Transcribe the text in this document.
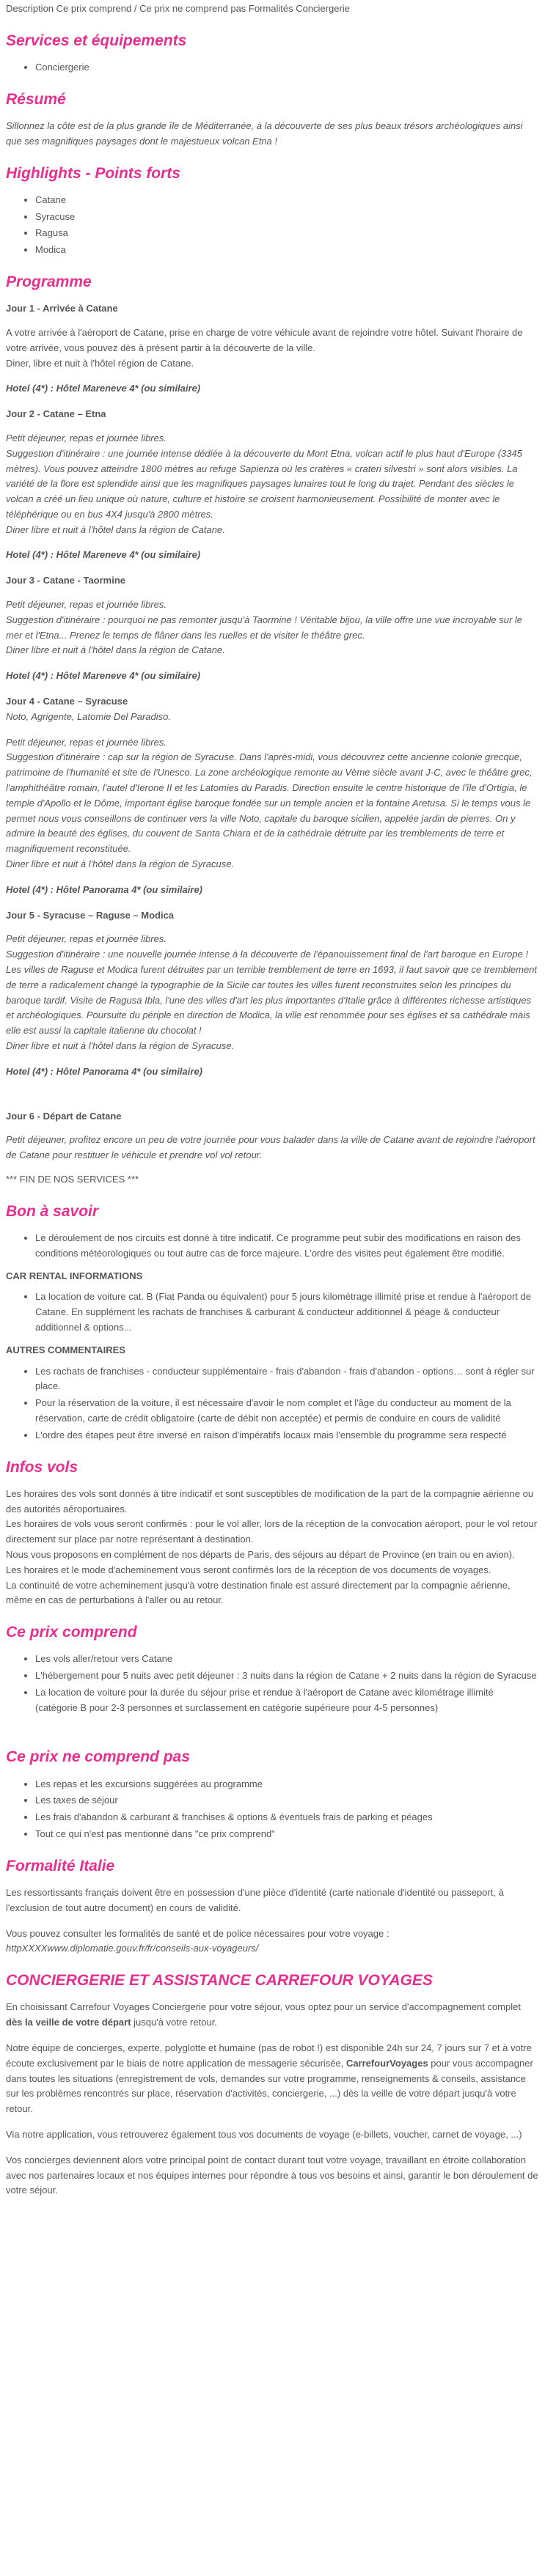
Description Ce prix comprend / Ce prix ne comprend pas Formalités Conciergerie
Services et équipements
• Conciergerie
Résumé

Sillonnez la côte est de la plus grande île de Méditerranée, à la découverte de ses plus beaux trésors archéologiques ainsi que ses magnifiques paysages dont le majestueux volcan Etna !

Highlights - Points forts
• Catane
• Syracuse
• Ragusa
• Modica
Programme
Jour 1 - Arrivée à Catane

A votre arrivée à l'aéroport de Catane, prise en charge de votre véhicule avant de rejoindre votre hôtel. Suivant l'horaire de votre arrivée, vous pouvez dès à présent partir à la découverte de la ville.

Diner, libre et nuit à l'hôtel région de Catane.

Hotel (4*) : Hôtel Mareneve 4* (ou similaire)
Jour 2 - Catane – Etna

Petit déjeuner, repas et journée libres.

Suggestion d'itinéraire : une journée intense dédiée à la découverte du Mont Etna, volcan actif le plus haut d'Europe (3345 mètres). Vous pouvez atteindre 1800 mètres au refuge Sapienza où les cratères « crateri silvestri » sont alors visibles. La variété de la flore est splendide ainsi que les magnifiques paysages lunaires tout le long du trajet. Pendant des siècles le volcan a créé un lieu unique où nature, culture et histoire se croisent harmonieusement. Possibilité de monter avec le téléphérique ou en bus 4X4 jusqu'à 2800 mètres.

Diner libre et nuit à l'hôtel dans la région de Catane.

Hotel (4*) : Hôtel Mareneve 4* (ou similaire)
Jour 3 - Catane - Taormine

Petit déjeuner, repas et journée libres.

Suggestion d'itinéraire : pourquoi ne pas remonter jusqu'à Taormine ! Véritable bijou, la ville offre une vue incroyable sur le mer et l'Etna... Prenez le temps de flâner dans les ruelles et de visiter le théâtre grec.

Diner libre et nuit à l'hôtel dans la région de Catane.

Hotel (4*) : Hôtel Mareneve 4* (ou similaire)
Jour 4 - Catane – Syracuse

Noto, Agrigente, Latomie Del Paradiso.

Petit déjeuner, repas et journée libres.

Suggestion d'itinéraire : cap sur la région de Syracuse. Dans l'après-midi, vous découvrez cette ancienne colonie grecque, patrimoine de l'humanité et site de l'Unesco. La zone archéologique remonte au Vème siècle avant J-C, avec le théâtre grec, l'amphithéâtre romain, l'autel d'Ierone II et les Latomies du Paradis. Direction ensuite le centre historique de l'île d'Ortigia, le temple d'Apollo et le Dôme, important église baroque fondée sur un temple ancien et la fontaine Aretusa. Si le temps vous le permet nous vous conseillons de continuer vers la ville Noto, capitale du baroque sicilien, appelée jardin de pierres. On y admire la beauté des églises, du couvent de Santa Chiara et de la cathédrale détruite par les tremblements de terre et magnifiquement reconstituée.

Diner libre et nuit à l'hôtel dans la région de Syracuse.

Hotel (4*) : Hôtel Panorama 4* (ou similaire)
Jour 5 - Syracuse – Raguse – Modica

Petit déjeuner, repas et journée libres.

Suggestion d'itinéraire : une nouvelle journée intense à la découverte de l'épanouissement final de l'art baroque en Europe ! Les villes de Raguse et Modica furent détruites par un terrible tremblement de terre en 1693, il faut savoir que ce tremblement de terre a radicalement changé la typographie de la Sicile car toutes les villes furent reconstruites selon les principes du baroque tardif. Visite de Ragusa Ibla, l'une des villes d'art les plus importantes d'Italie grâce à différentes richesse artistiques et archéologiques. Poursuite du périple en direction de Modica, la ville est renommée pour ses églises et sa cathédrale mais elle est aussi la capitale italienne du chocolat !

Diner libre et nuit à l'hôtel dans la région de Syracuse.

Hotel (4*) : Hôtel Panorama 4* (ou similaire)
Jour 6 - Départ de Catane

Petit déjeuner, profitez encore un peu de votre journée pour vous balader dans la ville de Catane avant de rejoindre l'aéroport de Catane pour restituer le véhicule et prendre vol vol retour.

*** FIN DE NOS SERVICES ***

Bon à savoir
• Le déroulement de nos circuits est donné à titre indicatif. Ce programme peut subir des modifications en raison des conditions météorologiques ou tout autre cas de force majeure. L'ordre des visites peut également être modifié.
CAR RENTAL INFORMATIONS
• La location de voiture cat. B (Fiat Panda ou équivalent) pour 5 jours kilométrage illimité prise et rendue à l'aéroport de Catane. En supplément les rachats de franchises & carburant & conducteur additionnel & péage & conducteur additionnel & options...
AUTRES COMMENTAIRES
• Les rachats de franchises - conducteur supplémentaire - frais d'abandon - frais d'abandon - options… sont à régler sur place.
• Pour la réservation de la voiture, il est nécessaire d'avoir le nom complet et l'âge du conducteur au moment de la réservation, carte de crédit obligatoire (carte de débit non acceptée) et permis de conduire en cours de validité
• L'ordre des étapes peut être inversé en raison d'impératifs locaux mais l'ensemble du programme sera respecté
Infos vols

Les horaires des vols sont donnés à titre indicatif et sont susceptibles de modification de la part de la compagnie aérienne ou des autorités aéroportuaires.

Les horaires de vols vous seront confirmés : pour le vol aller, lors de la réception de la convocation aéroport, pour le vol retour directement sur place par notre représentant à destination.

Nous vous proposons en complément de nos départs de Paris, des séjours au départ de Province (en train ou en avion).

Les horaires et le mode d'acheminement vous seront confirmés lors de la réception de vos documents de voyages.

La continuité de votre acheminement jusqu'à votre destination finale est assuré directement par la compagnie aérienne, même en cas de perturbations à l'aller ou au retour.

Ce prix comprend
• Les vols aller/retour vers Catane
• L'hébergement pour 5 nuits avec petit déjeuner : 3 nuits dans la région de Catane + 2 nuits dans la région de Syracuse
• La location de voiture pour la durée du séjour prise et rendue à l'aéroport de Catane avec kilométrage illimité (catégorie B pour 2-3 personnes et surclassement en catégorie supérieure pour 4-5 personnes)
Ce prix ne comprend pas
• Les repas et les excursions suggérées au programme
• Les taxes de séjour
• Les frais d'abandon & carburant & franchises & options & éventuels frais de parking et péages
• Tout ce qui n'est pas mentionné dans "ce prix comprend"
Formalité Italie

Les ressortissants français doivent être en possession d'une pièce d'identité (carte nationale d'identité ou passeport, à l'exclusion de tout autre document) en cours de validité.

Vous pouvez consulter les formalités de santé et de police nécessaires pour votre voyage :

httpXXXXwww.diplomatie.gouv.fr/fr/conseils-aux-voyageurs/

CONCIERGERIE ET ASSISTANCE CARREFOUR VOYAGES

En choisissant Carrefour Voyages Conciergerie pour votre séjour, vous optez pour un service d'accompagnement complet dès la veille de votre départ jusqu'à votre retour.

Notre équipe de concierges, experte, polyglotte et humaine (pas de robot !) est disponible 24h sur 24, 7 jours sur 7 et à votre écoute exclusivement par le biais de notre application de messagerie sécurisée, CarrefourVoyages pour vous accompagner dans toutes les situations (enregistrement de vols, demandes sur votre programme, renseignements & conseils, assistance sur les problèmes rencontrés sur place, réservation d'activités, conciergerie, ...) dès la veille de votre départ jusqu'à votre retour.

Via notre application, vous retrouverez également tous vos documents de voyage (e-billets, voucher, carnet de voyage, ...)

Vos concierges deviennent alors votre principal point de contact durant tout votre voyage, travaillant en étroite collaboration avec nos partenaires locaux et nos équipes internes pour répondre à tous vos besoins et ainsi, garantir le bon déroulement de votre séjour.
